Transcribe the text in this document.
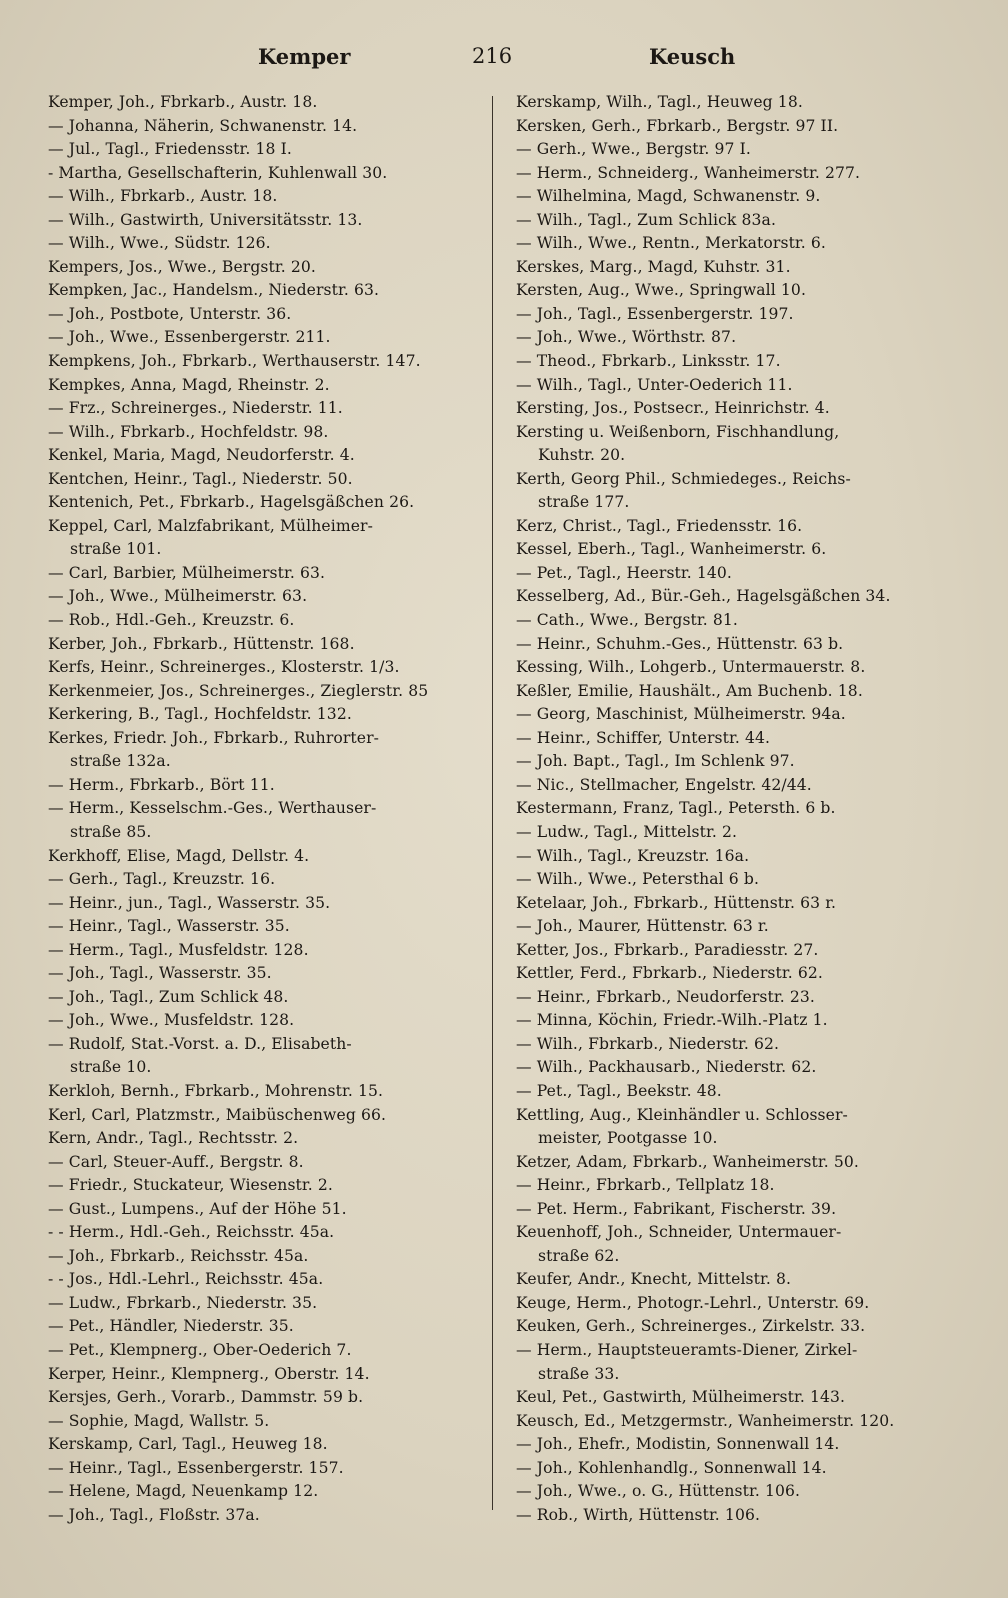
Kemper	216	Keusch
Kemper, Joh., Fbrkarb., Austr. 18.
— Johanna, Näherin, Schwanenstr. 14.
— Jul., Tagl., Friedensstr. 18 I.
- Martha, Gesellschafterin, Kuhlenwall 30.
— Wilh., Fbrkarb., Austr. 18.
— Wilh., Gastwirth, Universitätsstr. 13.
— Wilh., Wwe., Südstr. 126.
Kempers, Jos., Wwe., Bergstr. 20.
Kempken, Jac., Handelsm., Niederstr. 63.
— Joh., Postbote, Unterstr. 36.
— Joh., Wwe., Essenbergerstr. 211.
Kempkens, Joh., Fbrkarb., Werthauserstr. 147.
Kempkes, Anna, Magd, Rheinstr. 2.
— Frz., Schreinerges., Niederstr. 11.
— Wilh., Fbrkarb., Hochfeldstr. 98.
Kenkel, Maria, Magd, Neudorferstr. 4.
Kentchen, Heinr., Tagl., Niederstr. 50.
Kentenich, Pet., Fbrkarb., Hagelsgäßchen 26.
Keppel, Carl, Malzfabrikant, Mülheimer-
straße 101.
— Carl, Barbier, Mülheimerstr. 63.
— Joh., Wwe., Mülheimerstr. 63.
— Rob., Hdl.-Geh., Kreuzstr. 6.
Kerber, Joh., Fbrkarb., Hüttenstr. 168.
Kerfs, Heinr., Schreinerges., Klosterstr. 1/3.
Kerkenmeier, Jos., Schreinerges., Zieglerstr. 85
Kerkering, B., Tagl., Hochfeldstr. 132.
Kerkes, Friedr. Joh., Fbrkarb., Ruhrorter-
straße 132a.
— Herm., Fbrkarb., Bört 11.
— Herm., Kesselschm.-Ges., Werthauser-
straße 85.
Kerkhoff, Elise, Magd, Dellstr. 4.
— Gerh., Tagl., Kreuzstr. 16.
— Heinr., jun., Tagl., Wasserstr. 35.
— Heinr., Tagl., Wasserstr. 35.
— Herm., Tagl., Musfeldstr. 128.
— Joh., Tagl., Wasserstr. 35.
— Joh., Tagl., Zum Schlick 48.
— Joh., Wwe., Musfeldstr. 128.
— Rudolf, Stat.-Vorst. a. D., Elisabeth-
straße 10.
Kerkloh, Bernh., Fbrkarb., Mohrenstr. 15.
Kerl, Carl, Platzmstr., Maibüschenweg 66.
Kern, Andr., Tagl., Rechtsstr. 2.
— Carl, Steuer-Auff., Bergstr. 8.
— Friedr., Stuckateur, Wiesenstr. 2.
— Gust., Lumpens., Auf der Höhe 51.
- - Herm., Hdl.-Geh., Reichsstr. 45a.
— Joh., Fbrkarb., Reichsstr. 45a.
- - Jos., Hdl.-Lehrl., Reichsstr. 45a.
— Ludw., Fbrkarb., Niederstr. 35.
— Pet., Händler, Niederstr. 35.
— Pet., Klempnerg., Ober-Oederich 7.
Kerper, Heinr., Klempnerg., Oberstr. 14.
Kersjes, Gerh., Vorarb., Dammstr. 59 b.
— Sophie, Magd, Wallstr. 5.
Kerskamp, Carl, Tagl., Heuweg 18.
— Heinr., Tagl., Essenbergerstr. 157.
— Helene, Magd, Neuenkamp 12.
— Joh., Tagl., Floßstr. 37a.
Kerskamp, Wilh., Tagl., Heuweg 18.
Kersken, Gerh., Fbrkarb., Bergstr. 97 II.
— Gerh., Wwe., Bergstr. 97 I.
— Herm., Schneiderg., Wanheimerstr. 277.
— Wilhelmina, Magd, Schwanenstr. 9.
— Wilh., Tagl., Zum Schlick 83a.
— Wilh., Wwe., Rentn., Merkatorstr. 6.
Kerskes, Marg., Magd, Kuhstr. 31.
Kersten, Aug., Wwe., Springwall 10.
— Joh., Tagl., Essenbergerstr. 197.
— Joh., Wwe., Wörthstr. 87.
— Theod., Fbrkarb., Linksstr. 17.
— Wilh., Tagl., Unter-Oederich 11.
Kersting, Jos., Postsecr., Heinrichstr. 4.
Kersting u. Weißenborn, Fischhandlung,
Kuhstr. 20.
Kerth, Georg Phil., Schmiedeges., Reichs-
straße 177.
Kerz, Christ., Tagl., Friedensstr. 16.
Kessel, Eberh., Tagl., Wanheimerstr. 6.
— Pet., Tagl., Heerstr. 140.
Kesselberg, Ad., Bür.-Geh., Hagelsgäßchen 34.
— Cath., Wwe., Bergstr. 81.
— Heinr., Schuhm.-Ges., Hüttenstr. 63 b.
Kessing, Wilh., Lohgerb., Untermauerstr. 8.
Keßler, Emilie, Haushält., Am Buchenb. 18.
— Georg, Maschinist, Mülheimerstr. 94a.
— Heinr., Schiffer, Unterstr. 44.
— Joh. Bapt., Tagl., Im Schlenk 97.
— Nic., Stellmacher, Engelstr. 42/44.
Kestermann, Franz, Tagl., Petersth. 6 b.
— Ludw., Tagl., Mittelstr. 2.
— Wilh., Tagl., Kreuzstr. 16a.
— Wilh., Wwe., Petersthal 6 b.
Ketelaar, Joh., Fbrkarb., Hüttenstr. 63 r.
— Joh., Maurer, Hüttenstr. 63 r.
Ketter, Jos., Fbrkarb., Paradiesstr. 27.
Kettler, Ferd., Fbrkarb., Niederstr. 62.
— Heinr., Fbrkarb., Neudorferstr. 23.
— Minna, Köchin, Friedr.-Wilh.-Platz 1.
— Wilh., Fbrkarb., Niederstr. 62.
— Wilh., Packhausarb., Niederstr. 62.
— Pet., Tagl., Beekstr. 48.
Kettling, Aug., Kleinhändler u. Schlosser-
meister, Pootgasse 10.
Ketzer, Adam, Fbrkarb., Wanheimerstr. 50.
— Heinr., Fbrkarb., Tellplatz 18.
— Pet. Herm., Fabrikant, Fischerstr. 39.
Keuenhoff, Joh., Schneider, Untermauer-
straße 62.
Keufer, Andr., Knecht, Mittelstr. 8.
Keuge, Herm., Photogr.-Lehrl., Unterstr. 69.
Keuken, Gerh., Schreinerges., Zirkelstr. 33.
— Herm., Hauptsteueramts-Diener, Zirkel-
straße 33.
Keul, Pet., Gastwirth, Mülheimerstr. 143.
Keusch, Ed., Metzgermstr., Wanheimerstr. 120.
— Joh., Ehefr., Modistin, Sonnenwall 14.
— Joh., Kohlenhandlg., Sonnenwall 14.
— Joh., Wwe., o. G., Hüttenstr. 106.
— Rob., Wirth, Hüttenstr. 106.
